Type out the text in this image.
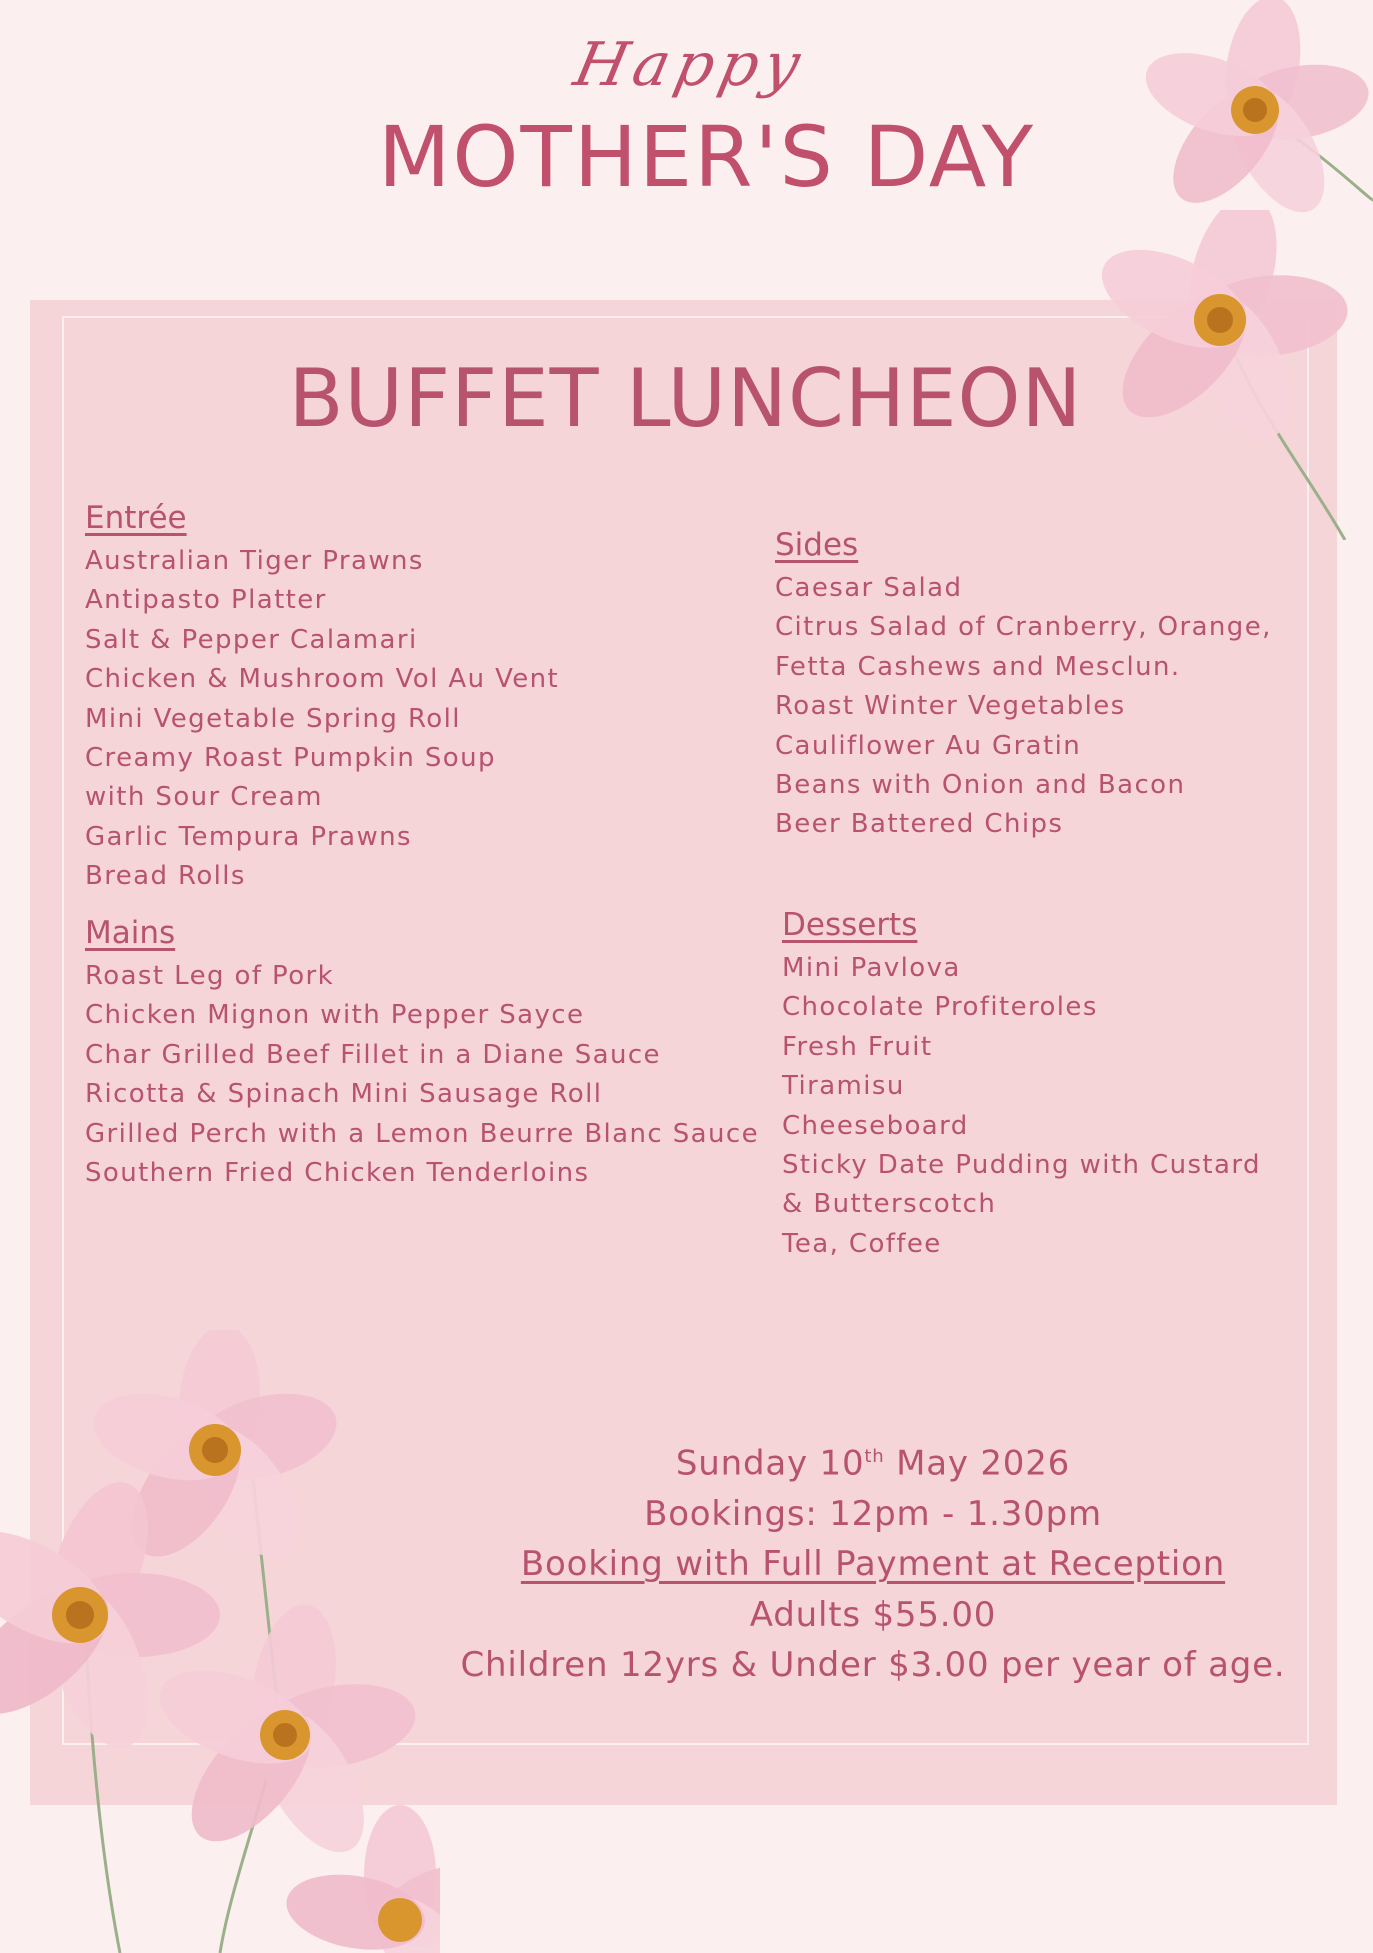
Happy
MOTHER'S DAY
BUFFET LUNCHEON
Entrée
Australian Tiger Prawns
Antipasto Platter
Salt & Pepper Calamari
Chicken & Mushroom Vol Au Vent
Mini Vegetable Spring Roll
Creamy Roast Pumpkin Soup
with Sour Cream
Garlic Tempura Prawns
Bread Rolls
Sides
Caesar Salad
Citrus Salad of Cranberry, Orange,
Fetta Cashews and Mesclun.
Roast Winter Vegetables
Cauliflower Au Gratin
Beans with Onion and Bacon
Beer Battered Chips
Mains
Roast Leg of Pork
Chicken Mignon with Pepper Sayce
Char Grilled Beef Fillet in a Diane Sauce
Ricotta & Spinach Mini Sausage Roll
Grilled Perch with a Lemon Beurre Blanc Sauce
Southern Fried Chicken Tenderloins
Desserts
Mini Pavlova
Chocolate Profiteroles
Fresh Fruit
Tiramisu
Cheeseboard
Sticky Date Pudding with Custard
& Butterscotch
Tea, Coffee
Sunday 10th May 2026
Bookings: 12pm - 1.30pm
Booking with Full Payment at Reception
Adults $55.00
Children 12yrs & Under $3.00 per year of age.
